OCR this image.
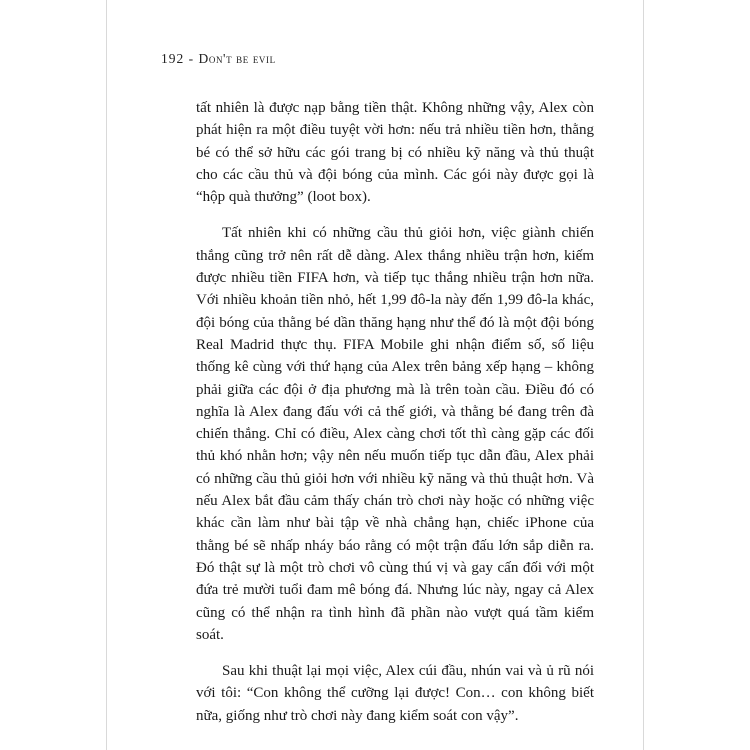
192 - Don't be evil

tất nhiên là được nạp bằng tiền thật. Không những vậy, Alex còn phát hiện ra một điều tuyệt vời hơn: nếu trả nhiều tiền hơn, thằng bé có thể sở hữu các gói trang bị có nhiều kỹ năng và thủ thuật cho các cầu thủ và đội bóng của mình. Các gói này được gọi là “hộp quà thưởng” (loot box).

Tất nhiên khi có những cầu thủ giỏi hơn, việc giành chiến thắng cũng trở nên rất dễ dàng. Alex thắng nhiều trận hơn, kiếm được nhiều tiền FIFA hơn, và tiếp tục thắng nhiều trận hơn nữa. Với nhiều khoản tiền nhỏ, hết 1,99 đô-la này đến 1,99 đô-la khác, đội bóng của thằng bé dần thăng hạng như thể đó là một đội bóng Real Madrid thực thụ. FIFA Mobile ghi nhận điểm số, số liệu thống kê cùng với thứ hạng của Alex trên bảng xếp hạng – không phải giữa các đội ở địa phương mà là trên toàn cầu. Điều đó có nghĩa là Alex đang đấu với cả thế giới, và thằng bé đang trên đà chiến thắng. Chỉ có điều, Alex càng chơi tốt thì càng gặp các đối thủ khó nhằn hơn; vậy nên nếu muốn tiếp tục dẫn đầu, Alex phải có những cầu thủ giỏi hơn với nhiều kỹ năng và thủ thuật hơn. Và nếu Alex bắt đầu cảm thấy chán trò chơi này hoặc có những việc khác cần làm như bài tập về nhà chẳng hạn, chiếc iPhone của thằng bé sẽ nhấp nháy báo rằng có một trận đấu lớn sắp diễn ra. Đó thật sự là một trò chơi vô cùng thú vị và gay cấn đối với một đứa trẻ mười tuổi đam mê bóng đá. Nhưng lúc này, ngay cả Alex cũng có thể nhận ra tình hình đã phần nào vượt quá tầm kiểm soát.

Sau khi thuật lại mọi việc, Alex cúi đầu, nhún vai và ủ rũ nói với tôi: “Con không thể cưỡng lại được! Con… con không biết nữa, giống như trò chơi này đang kiểm soát con vậy”.
